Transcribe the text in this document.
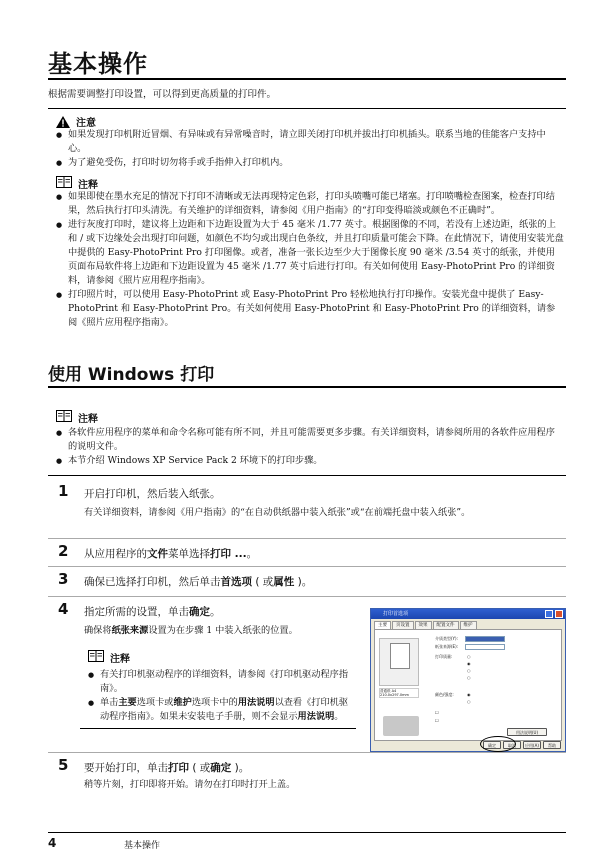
基本操作
根据需要调整打印设置，可以得到更高质量的打印件。
注意
● 如果发现打印机附近冒烟、有异味或有异常噪音时，请立即关闭打印机并拔出打印机插头。联系当地的佳能客户支持中心。
● 为了避免受伤，打印时切勿将手或手指伸入打印机内。
注释
● 如果即使在墨水充足的情况下打印不清晰或无法再现特定色彩，打印头喷嘴可能已堵塞。打印喷嘴检查图案，检查打印结果，然后执行打印头清洗。有关维护的详细资料，请参阅《用户指南》的“打印变得暗淡或颜色不正确时”。
● 进行灰度打印时，建议将上边距和下边距设置为大于 45 毫米 /1.77 英寸。根据图像的不同，若没有上述边距，纸张的上和 / 或下边缘处会出现打印问题，如颜色不均匀或出现白色条纹，并且打印质量可能会下降。在此情况下，请使用安装光盘中提供的 Easy-PhotoPrint Pro 打印图像。或者，准备一张长边至少大于图像长度 90 毫米 /3.54 英寸的纸张，并使用页面布局软件将上边距和下边距设置为 45 毫米 /1.77 英寸后进行打印。有关如何使用 Easy-PhotoPrint Pro 的详细资料，请参阅《照片应用程序指南》。
● 打印照片时，可以使用 Easy-PhotoPrint 或 Easy-PhotoPrint Pro 轻松地执行打印操作。安装光盘中提供了 Easy-PhotoPrint 和 Easy-PhotoPrint Pro。有关如何使用 Easy-PhotoPrint 和 Easy-PhotoPrint Pro 的详细资料，请参阅《照片应用程序指南》。
使用 Windows 打印
注释
● 各软件应用程序的菜单和命令名称可能有所不同，并且可能需要更多步骤。有关详细资料，请参阅所用的各软件应用程序的说明文件。
● 本节介绍 Windows XP Service Pack 2 环境下的打印步骤。
1 开启打印机，然后装入纸张。
有关详细资料，请参阅《用户指南》的“在自动供纸器中装入纸张”或“在前端托盘中装入纸张”。
2 从应用程序的文件菜单选择打印 ...。
3 确保已选择打印机，然后单击首选项 ( 或属性 )。
4 指定所需的设置，单击确定。
确保将纸张来源设置为在步骤 1 中装入纸张的位置。
注释
● 有关打印机驱动程序的详细资料，请参阅《打印机驱动程序指南》。
● 单击主要选项卡或维护选项卡中的用法说明以查看《打印机驱动程序指南》。如果未安装电子手册，则不会显示用法说明。
打印首选项
主要	页设置	效果	配置文件	维护
普通纸 A4 210.0x297.0mm
介质类型(Y):
纸张来源(E):
打印质量:	○
◉
○
○
颜色/强度:	◉
○
☐
☐
用法说明(U)
确定	取消	应用(A)	帮助
5 要开始打印，单击打印 ( 或确定 )。
稍等片刻，打印即将开始。请勿在打印时打开上盖。
4	基本操作
